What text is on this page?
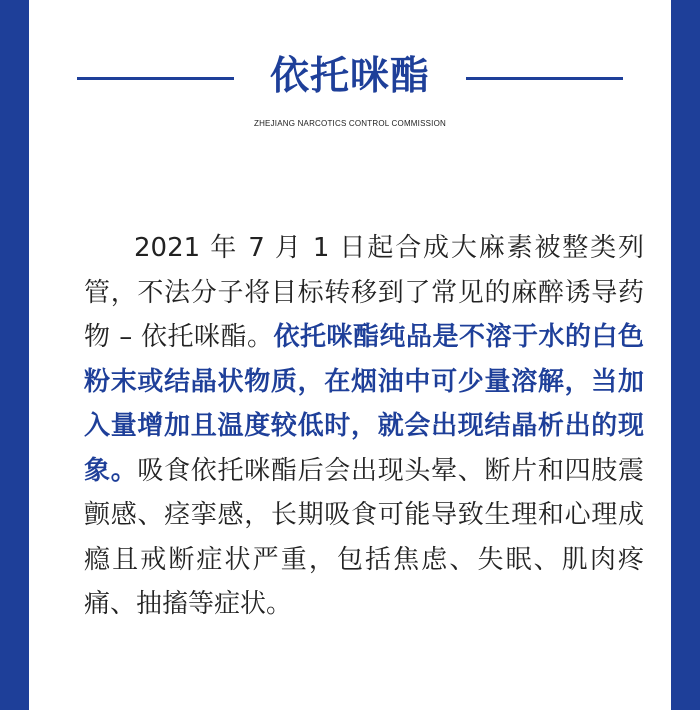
依托咪酯
ZHEJIANG NARCOTICS CONTROL COMMISSION

2021 年 7 月 1 日起合成大麻素被整类列管，不法分子将目标转移到了常见的麻醉诱导药物 – 依托咪酯。依托咪酯纯品是不溶于水的白色粉末或结晶状物质，在烟油中可少量溶解，当加入量增加且温度较低时，就会出现结晶析出的现象。吸食依托咪酯后会出现头晕、断片和四肢震颤感、痉挛感，长期吸食可能导致生理和心理成瘾且戒断症状严重，包括焦虑、失眠、肌肉疼痛、抽搐等症状。
